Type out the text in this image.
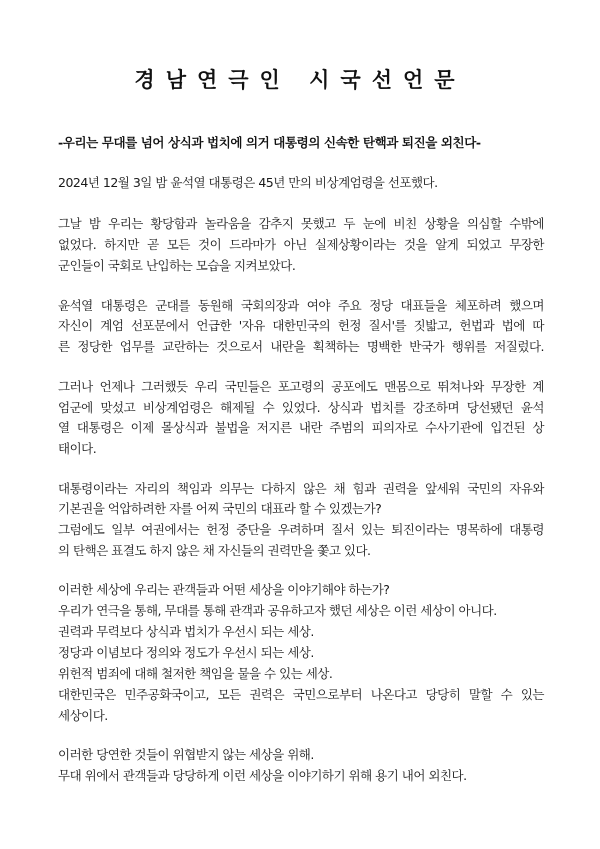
경남연극인 시국선언문

-우리는 무대를 넘어 상식과 법치에 의거 대통령의 신속한 탄핵과 퇴진을 외친다-

2024년 12월 3일 밤 윤석열 대통령은 45년 만의 비상계엄령을 선포했다.

그날 밤 우리는 황당함과 놀라움을 감추지 못했고 두 눈에 비친 상황을 의심할 수밖에

없었다. 하지만 곧 모든 것이 드라마가 아닌 실제상황이라는 것을 알게 되었고 무장한

군인들이 국회로 난입하는 모습을 지켜보았다.

윤석열 대통령은 군대를 동원해 국회의장과 여야 주요 정당 대표들을 체포하려 했으며

자신이 계엄 선포문에서 언급한 '자유 대한민국의 헌정 질서'를 짓밟고, 헌법과 법에 따

른 정당한 업무를 교란하는 것으로서 내란을 획책하는 명백한 반국가 행위를 저질렀다.

그러나 언제나 그러했듯 우리 국민들은 포고령의 공포에도 맨몸으로 뛰쳐나와 무장한 계

엄군에 맞섰고 비상계엄령은 해제될 수 있었다. 상식과 법치를 강조하며 당선됐던 윤석

열 대통령은 이제 몰상식과 불법을 저지른 내란 주범의 피의자로 수사기관에 입건된 상

태이다.

대통령이라는 자리의 책임과 의무는 다하지 않은 채 힘과 권력을 앞세워 국민의 자유와

기본권을 억압하려한 자를 어찌 국민의 대표라 할 수 있겠는가?

그럼에도 일부 여권에서는 헌정 중단을 우려하며 질서 있는 퇴진이라는 명목하에 대통령

의 탄핵은 표결도 하지 않은 채 자신들의 권력만을 쫓고 있다.

이러한 세상에 우리는 관객들과 어떤 세상을 이야기해야 하는가?

우리가 연극을 통해, 무대를 통해 관객과 공유하고자 했던 세상은 이런 세상이 아니다.

권력과 무력보다 상식과 법치가 우선시 되는 세상.

정당과 이념보다 정의와 정도가 우선시 되는 세상.

위헌적 범죄에 대해 철저한 책임을 물을 수 있는 세상.

대한민국은 민주공화국이고, 모든 권력은 국민으로부터 나온다고 당당히 말할 수 있는

세상이다.

이러한 당연한 것들이 위협받지 않는 세상을 위해.

무대 위에서 관객들과 당당하게 이런 세상을 이야기하기 위해 용기 내어 외친다.
